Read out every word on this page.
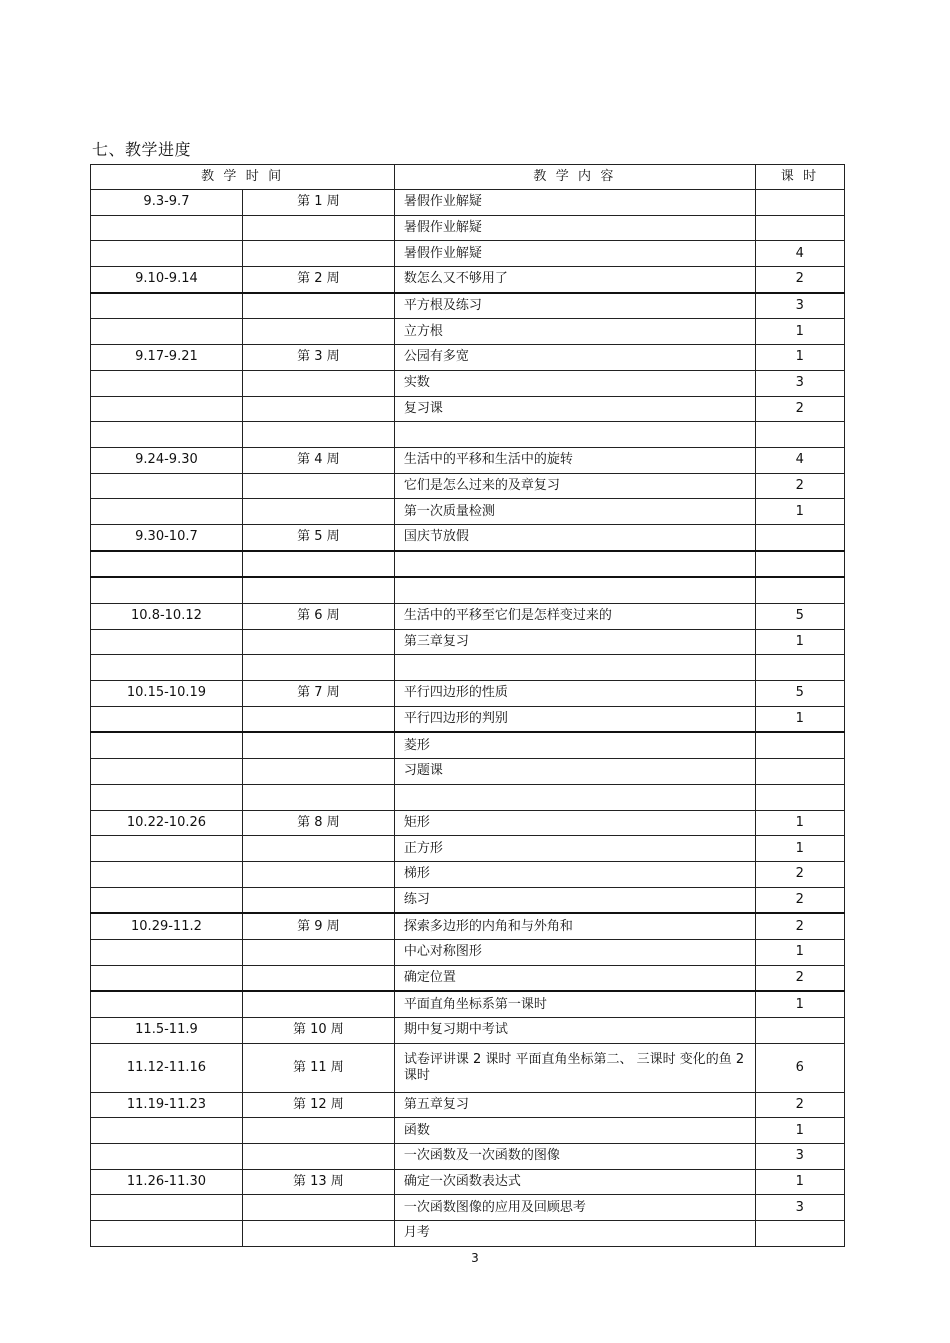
七、教学进度
教 学 时 间		教 学 内 容	课 时
9.3-9.7	第 1 周	暑假作业解疑	
		暑假作业解疑	
		暑假作业解疑	4
9.10-9.14	第 2 周	数怎么又不够用了	2
		平方根及练习	3
		立方根	1
9.17-9.21	第 3 周	公园有多宽	1
		实数	3
		复习课	2

9.24-9.30	第 4 周	生活中的平移和生活中的旋转	4
		它们是怎么过来的及章复习	2
		第一次质量检测	1
9.30-10.7	第 5 周	国庆节放假	

10.8-10.12	第 6 周	生活中的平移至它们是怎样变过来的	5
		第三章复习	1

10.15-10.19	第 7 周	平行四边形的性质	5
		平行四边形的判别	1
		菱形	
		习题课	

10.22-10.26	第 8 周	矩形	1
		正方形	1
		梯形	2
		练习	2
10.29-11.2	第 9 周	探索多边形的内角和与外角和	2
		中心对称图形	1
		确定位置	2
		平面直角坐标系第一课时	1
11.5-11.9	第 10 周	期中复习期中考试	
11.12-11.16	第 11 周	试卷评讲课 2 课时 平面直角坐标第二、 三课时 变化的鱼 2 课时	6
11.19-11.23	第 12 周	第五章复习	2
		函数	1
		一次函数及一次函数的图像	3
11.26-11.30	第 13 周	确定一次函数表达式	1
		一次函数图像的应用及回顾思考	3
		月考	
3
